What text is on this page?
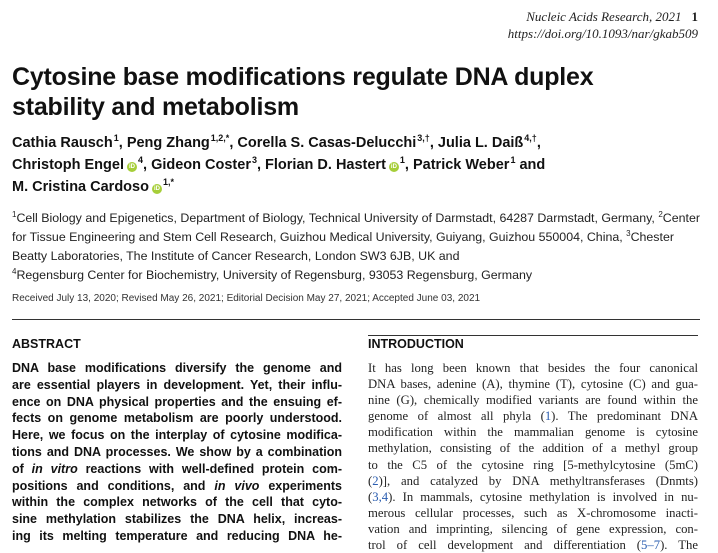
Nucleic Acids Research, 2021 1
https://doi.org/10.1093/nar/gkab509
Cytosine base modifications regulate DNA duplex
stability and metabolism
Cathia Rausch$^1$, Peng Zhang$^{1,2,*}$, Corella S. Casas-Delucchi$^{3,\dagger}$, Julia L. Daiß$^{4,\dagger}$,
Christoph Engel $iD^4$, Gideon Coster$^3$, Florian D. Hastert $iD^1$, Patrick Weber$^1$ and
M. Cristina Cardoso $iD^{1,*}$
$^1$Cell Biology and Epigenetics, Department of Biology, Technical University of Darmstadt, 64287 Darmstadt, Germany, $^2$Center for Tissue Engineering and Stem Cell Research, Guizhou Medical University, Guiyang, Guizhou 550004, China, $^3$Chester Beatty Laboratories, The Institute of Cancer Research, London SW3 6JB, UK and
$^4$Regensburg Center for Biochemistry, University of Regensburg, 93053 Regensburg, Germany
Received July 13, 2020; Revised May 26, 2021; Editorial Decision May 27, 2021; Accepted June 03, 2021
ABSTRACT	INTRODUCTION
DNA base modifications diversify the genome and
are essential players in development. Yet, their influ-
ence on DNA physical properties and the ensuing ef-
fects on genome metabolism are poorly understood.
Here, we focus on the interplay of cytosine modifica-
tions and DNA processes. We show by a combination
of in vitro reactions with well-defined protein com-
positions and conditions, and in vivo experiments
within the complex networks of the cell that cyto-
sine methylation stabilizes the DNA helix, increas-
ing its melting temperature and reducing DNA he-
It has long been known that besides the four canonical
DNA bases, adenine (A), thymine (T), cytosine (C) and gua-
nine (G), chemically modified variants are found within the
genome of almost all phyla (1). The predominant DNA
modification within the mammalian genome is cytosine
methylation, consisting of the addition of a methyl group
to the C5 of the cytosine ring [5-methylcytosine (5mC)
(2)], and catalyzed by DNA methyltransferases (Dnmts)
(3,4). In mammals, cytosine methylation is involved in nu-
merous cellular processes, such as X-chromosome inacti-
vation and imprinting, silencing of gene expression, con-
trol of cell development and differentiation (5–7). The
